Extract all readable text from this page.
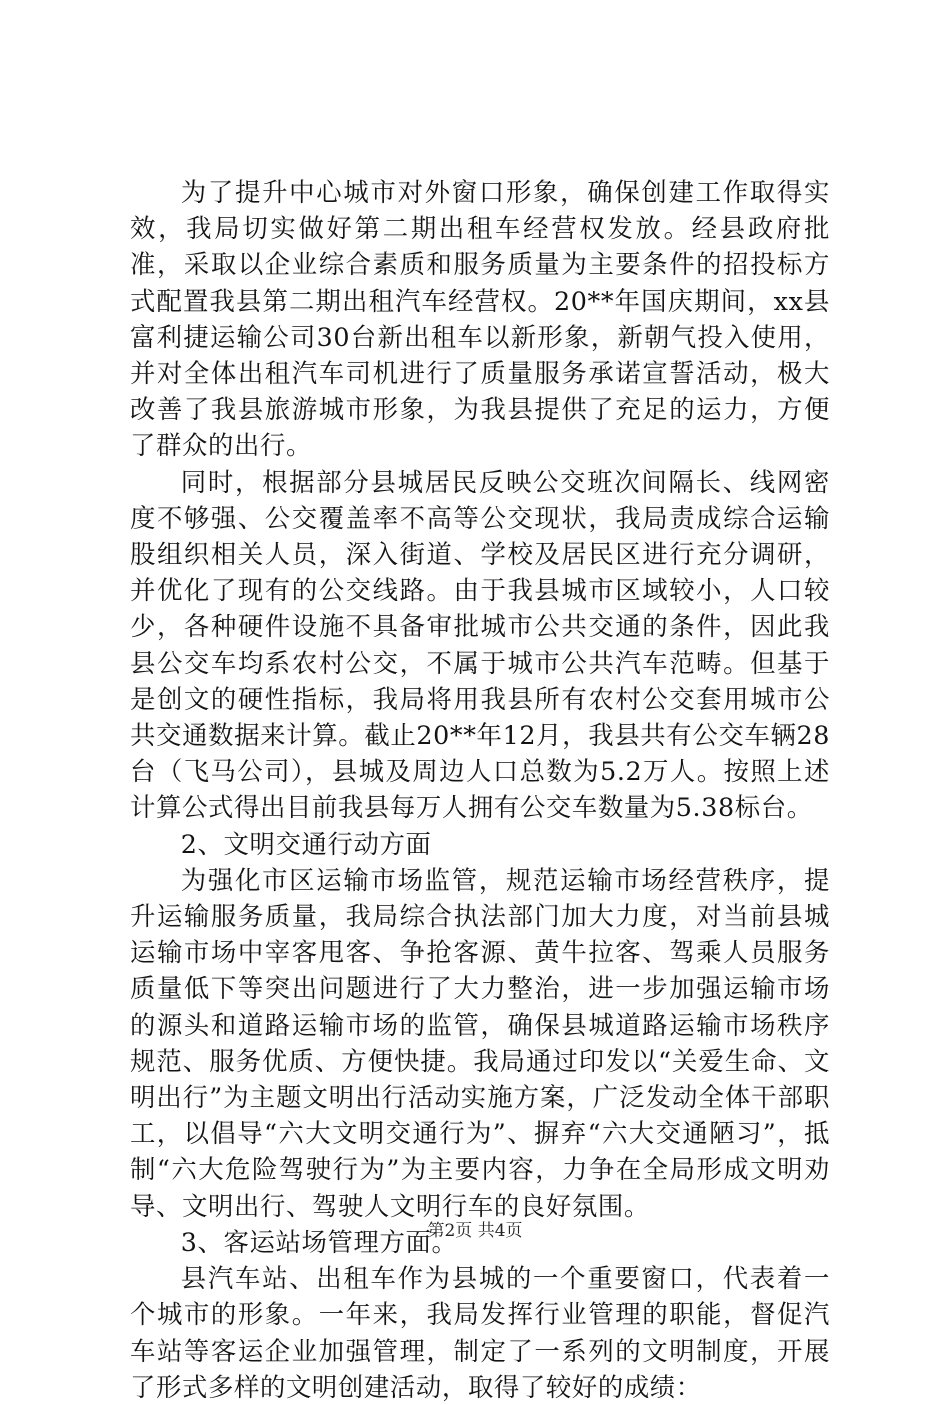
为了提升中心城市对外窗口形象，确保创建工作取得实效，我局切实做好第二期出租车经营权发放。经县政府批准，采取以企业综合素质和服务质量为主要条件的招投标方式配置我县第二期出租汽车经营权。20**年国庆期间，xx县富利捷运输公司30台新出租车以新形象，新朝气投入使用，并对全体出租汽车司机进行了质量服务承诺宣誓活动，极大改善了我县旅游城市形象，为我县提供了充足的运力，方便了群众的出行。

同时，根据部分县城居民反映公交班次间隔长、线网密度不够强、公交覆盖率不高等公交现状，我局责成综合运输股组织相关人员，深入街道、学校及居民区进行充分调研，并优化了现有的公交线路。由于我县城市区域较小，人口较少，各种硬件设施不具备审批城市公共交通的条件，因此我县公交车均系农村公交，不属于城市公共汽车范畴。但基于是创文的硬性指标，我局将用我县所有农村公交套用城市公共交通数据来计算。截止20**年12月，我县共有公交车辆28台（飞马公司），县城及周边人口总数为5.2万人。按照上述计算公式得出目前我县每万人拥有公交车数量为5.38标台。

2、文明交通行动方面

为强化市区运输市场监管，规范运输市场经营秩序，提升运输服务质量，我局综合执法部门加大力度，对当前县城运输市场中宰客甩客、争抢客源、黄牛拉客、驾乘人员服务质量低下等突出问题进行了大力整治，进一步加强运输市场的源头和道路运输市场的监管，确保县城道路运输市场秩序规范、服务优质、方便快捷。我局通过印发以“关爱生命、文明出行”为主题文明出行活动实施方案，广泛发动全体干部职工，以倡导“六大文明交通行为”、摒弃“六大交通陋习”，抵制“六大危险驾驶行为”为主要内容，力争在全局形成文明劝导、文明出行、驾驶人文明行车的良好氛围。

3、客运站场管理方面。

县汽车站、出租车作为县城的一个重要窗口，代表着一个城市的形象。一年来，我局发挥行业管理的职能，督促汽车站等客运企业加强管理，制定了一系列的文明制度，开展了形式多样的文明创建活动，取得了较好的成绩：

第2页 共4页
